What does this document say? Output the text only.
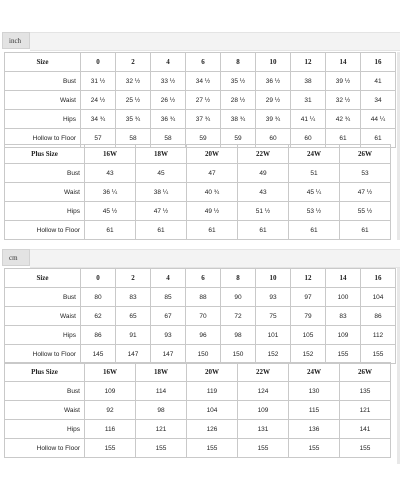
inch
Size	0	2	4	6	8	10	12	14	16
Bust	31 ½	32 ½	33 ½	34 ½	35 ½	36 ½	38	39 ½	41
Waist	24 ½	25 ½	26 ½	27 ½	28 ½	29 ½	31	32 ½	34
Hips	34 ¾	35 ¾	36 ¾	37 ¾	38 ¾	39 ¾	41 ¼	42 ¾	44 ¼
Hollow to Floor	57	58	58	59	59	60	60	61	61
Plus Size	16W	18W	20W	22W	24W	26W
Bust	43	45	47	49	51	53
Waist	36 ¼	38 ¼	40 ¾	43	45 ¼	47 ½
Hips	45 ½	47 ½	49 ½	51 ½	53 ½	55 ½
Hollow to Floor	61	61	61	61	61	61
cm
Size	0	2	4	6	8	10	12	14	16
Bust	80	83	85	88	90	93	97	100	104
Waist	62	65	67	70	72	75	79	83	86
Hips	86	91	93	96	98	101	105	109	112
Hollow to Floor	145	147	147	150	150	152	152	155	155
Plus Size	16W	18W	20W	22W	24W	26W
Bust	109	114	119	124	130	135
Waist	92	98	104	109	115	121
Hips	116	121	126	131	136	141
Hollow to Floor	155	155	155	155	155	155
